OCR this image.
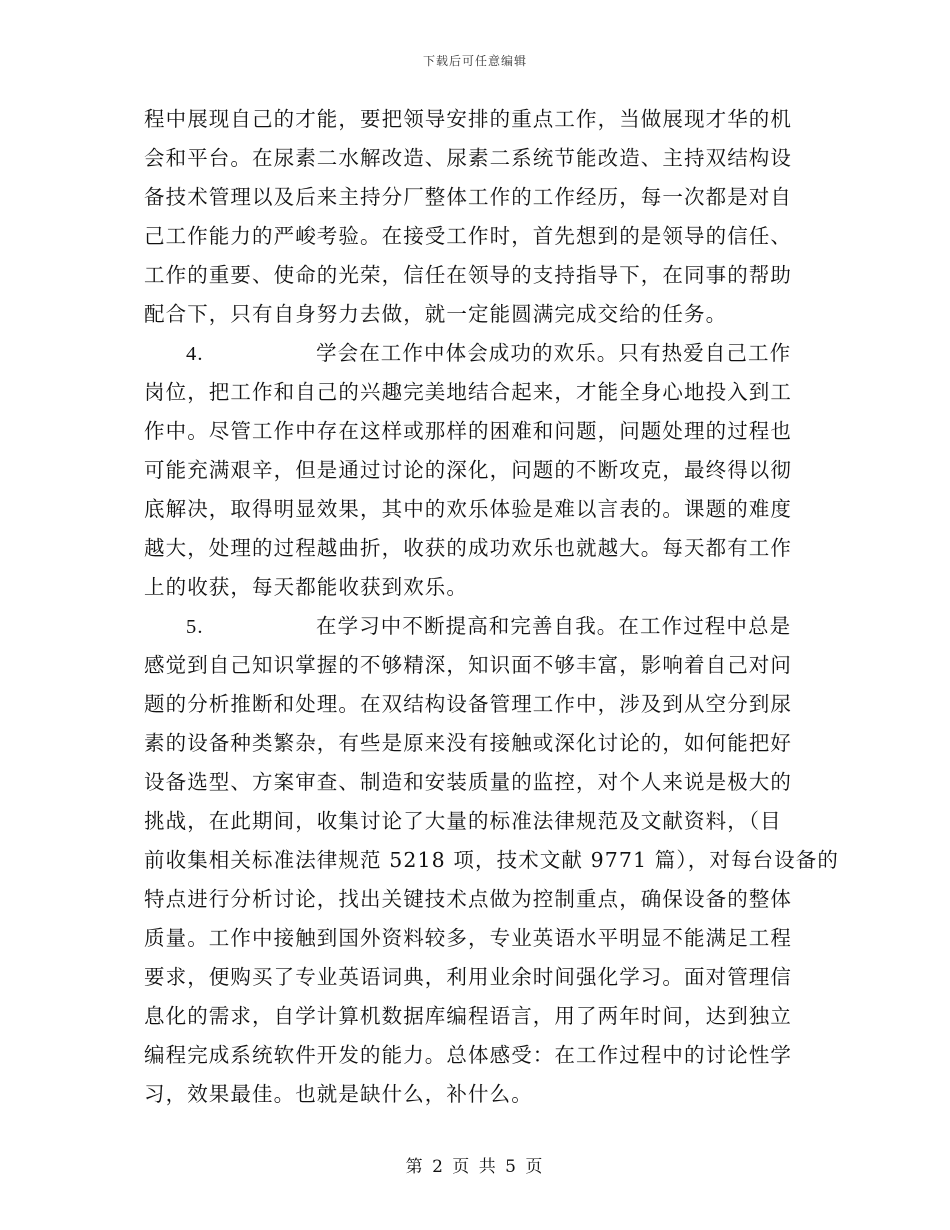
下载后可任意编辑
程中展现自己的才能，要把领导安排的重点工作，当做展现才华的机
会和平台。在尿素二水解改造、尿素二系统节能改造、主持双结构设
备技术管理以及后来主持分厂整体工作的工作经历，每一次都是对自
己工作能力的严峻考验。在接受工作时，首先想到的是领导的信任、
工作的重要、使命的光荣，信任在领导的支持指导下，在同事的帮助
配合下，只有自身努力去做，就一定能圆满完成交给的任务。
4.	学会在工作中体会成功的欢乐。只有热爱自己工作
岗位，把工作和自己的兴趣完美地结合起来，才能全身心地投入到工
作中。尽管工作中存在这样或那样的困难和问题，问题处理的过程也
可能充满艰辛，但是通过讨论的深化，问题的不断攻克，最终得以彻
底解决，取得明显效果，其中的欢乐体验是难以言表的。课题的难度
越大，处理的过程越曲折，收获的成功欢乐也就越大。每天都有工作
上的收获，每天都能收获到欢乐。
5.	在学习中不断提高和完善自我。在工作过程中总是
感觉到自己知识掌握的不够精深，知识面不够丰富，影响着自己对问
题的分析推断和处理。在双结构设备管理工作中，涉及到从空分到尿
素的设备种类繁杂，有些是原来没有接触或深化讨论的，如何能把好
设备选型、方案审查、制造和安装质量的监控，对个人来说是极大的
挑战，在此期间，收集讨论了大量的标准法律规范及文献资料，（目
前收集相关标准法律规范 5218 项，技术文献 9771 篇），对每台设备的
特点进行分析讨论，找出关键技术点做为控制重点，确保设备的整体
质量。工作中接触到国外资料较多，专业英语水平明显不能满足工程
要求，便购买了专业英语词典，利用业余时间强化学习。面对管理信
息化的需求，自学计算机数据库编程语言，用了两年时间，达到独立
编程完成系统软件开发的能力。总体感受：在工作过程中的讨论性学
习，效果最佳。也就是缺什么，补什么。
第 2 页 共 5 页
